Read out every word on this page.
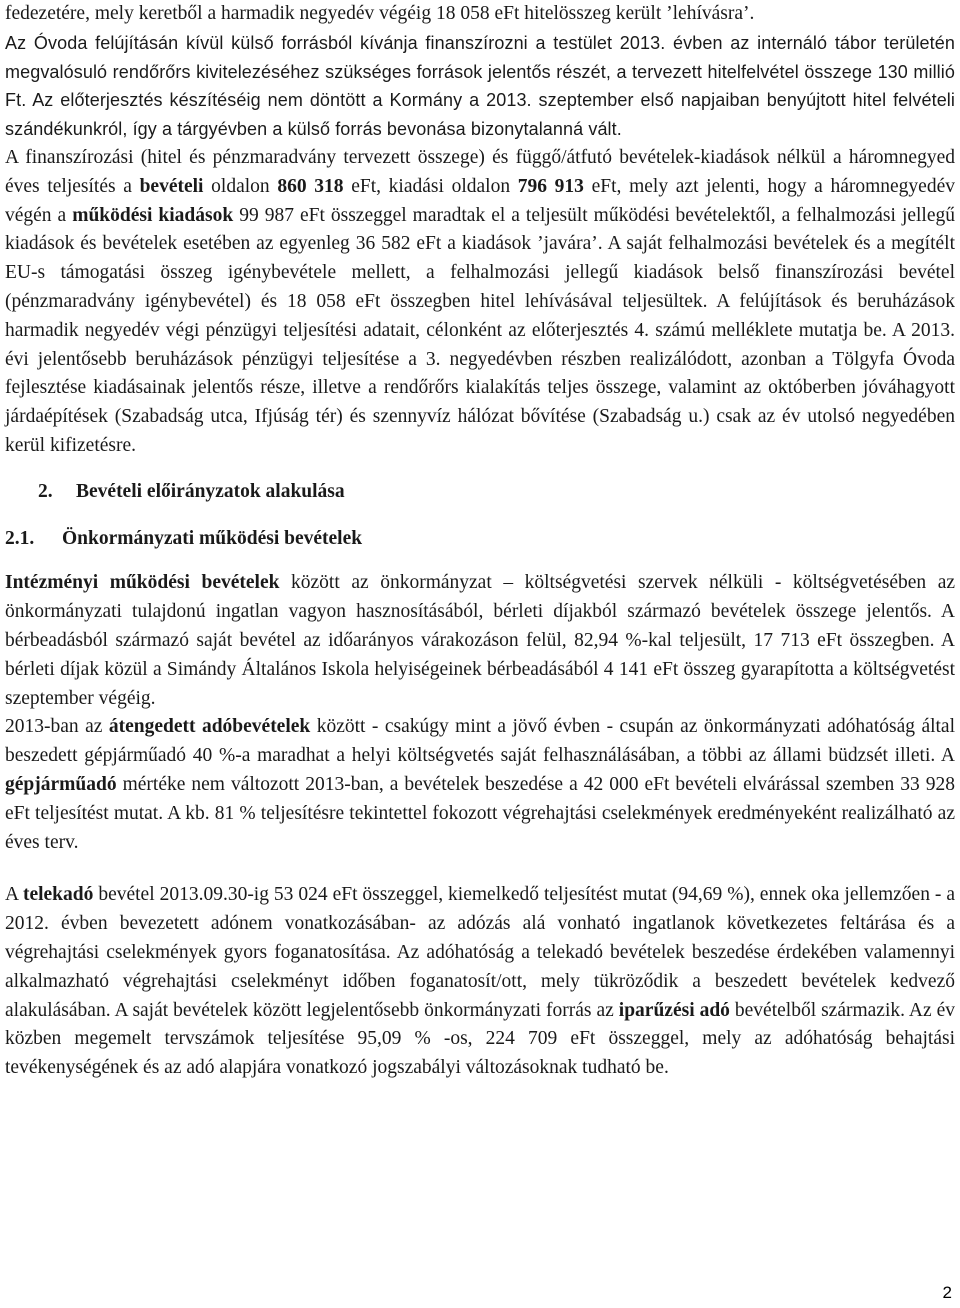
fedezetére, mely keretből a harmadik negyedév végéig 18 058 eFt hitelösszeg került ’lehívásra’.

Az Óvoda felújításán kívül külső forrásból kívánja finanszírozni a testület 2013. évben az internáló tábor területén megvalósuló rendőrőrs kivitelezéséhez szükséges források jelentős részét, a tervezett hitelfelvétel összege 130 millió Ft. Az előterjesztés készítéséig nem döntött a Kormány a 2013. szeptember első napjaiban benyújtott hitel felvételi szándékunkról, így a tárgyévben a külső forrás bevonása bizonytalanná vált.

A finanszírozási (hitel és pénzmaradvány tervezett összege) és függő/átfutó bevételek-kiadások nélkül a háromnegyed éves teljesítés a bevételi oldalon 860 318 eFt, kiadási oldalon 796 913 eFt, mely azt jelenti, hogy a háromnegyedév végén a működési kiadások 99 987 eFt összeggel maradtak el a teljesült működési bevételektől, a felhalmozási jellegű kiadások és bevételek esetében az egyenleg 36 582 eFt a kiadások ’javára’. A saját felhalmozási bevételek és a megítélt EU-s támogatási összeg igénybevétele mellett, a felhalmozási jellegű kiadások belső finanszírozási bevétel (pénzmaradvány igénybevétel) és 18 058 eFt összegben hitel lehívásával teljesültek. A felújítások és beruházások harmadik negyedév végi pénzügyi teljesítési adatait, célonként az előterjesztés 4. számú melléklete mutatja be. A 2013. évi jelentősebb beruházások pénzügyi teljesítése a 3. negyedévben részben realizálódott, azonban a Tölgyfa Óvoda fejlesztése kiadásainak jelentős része, illetve a rendőrőrs kialakítás teljes összege, valamint az októberben jóváhagyott járdaépítések (Szabadság utca, Ifjúság tér) és szennyvíz hálózat bővítése (Szabadság u.) csak az év utolsó negyedében kerül kifizetésre.

2. Bevételi előirányzatok alakulása
2.1. Önkormányzati működési bevételek

Intézményi működési bevételek között az önkormányzat – költségvetési szervek nélküli - költségvetésében az önkormányzati tulajdonú ingatlan vagyon hasznosításából, bérleti díjakból származó bevételek összege jelentős. A bérbeadásból származó saját bevétel az időarányos várakozáson felül, 82,94 %-kal teljesült, 17 713 eFt összegben. A bérleti díjak közül a Simándy Általános Iskola helyiségeinek bérbeadásából 4 141 eFt összeg gyarapította a költségvetést szeptember végéig.

2013-ban az átengedett adóbevételek között - csakúgy mint a jövő évben - csupán az önkormányzati adóhatóság által beszedett gépjárműadó 40 %-a maradhat a helyi költségvetés saját felhasználásában, a többi az állami büdzsét illeti. A gépjárműadó mértéke nem változott 2013-ban, a bevételek beszedése a 42 000 eFt bevételi elvárással szemben 33 928 eFt teljesítést mutat. A kb. 81 % teljesítésre tekintettel fokozott végrehajtási cselekmények eredményeként realizálható az éves terv.

A telekadó bevétel 2013.09.30-ig 53 024 eFt összeggel, kiemelkedő teljesítést mutat (94,69 %), ennek oka jellemzően - a 2012. évben bevezetett adónem vonatkozásában- az adózás alá vonható ingatlanok következetes feltárása és a végrehajtási cselekmények gyors foganatosítása. Az adóhatóság a telekadó bevételek beszedése érdekében valamennyi alkalmazható végrehajtási cselekményt időben foganatosít/ott, mely tükröződik a beszedett bevételek kedvező alakulásában. A saját bevételek között legjelentősebb önkormányzati forrás az iparűzési adó bevételből származik. Az év közben megemelt tervszámok teljesítése 95,09 % -os, 224 709 eFt összeggel, mely az adóhatóság behajtási tevékenységének és az adó alapjára vonatkozó jogszabályi változásoknak tudható be.

2
